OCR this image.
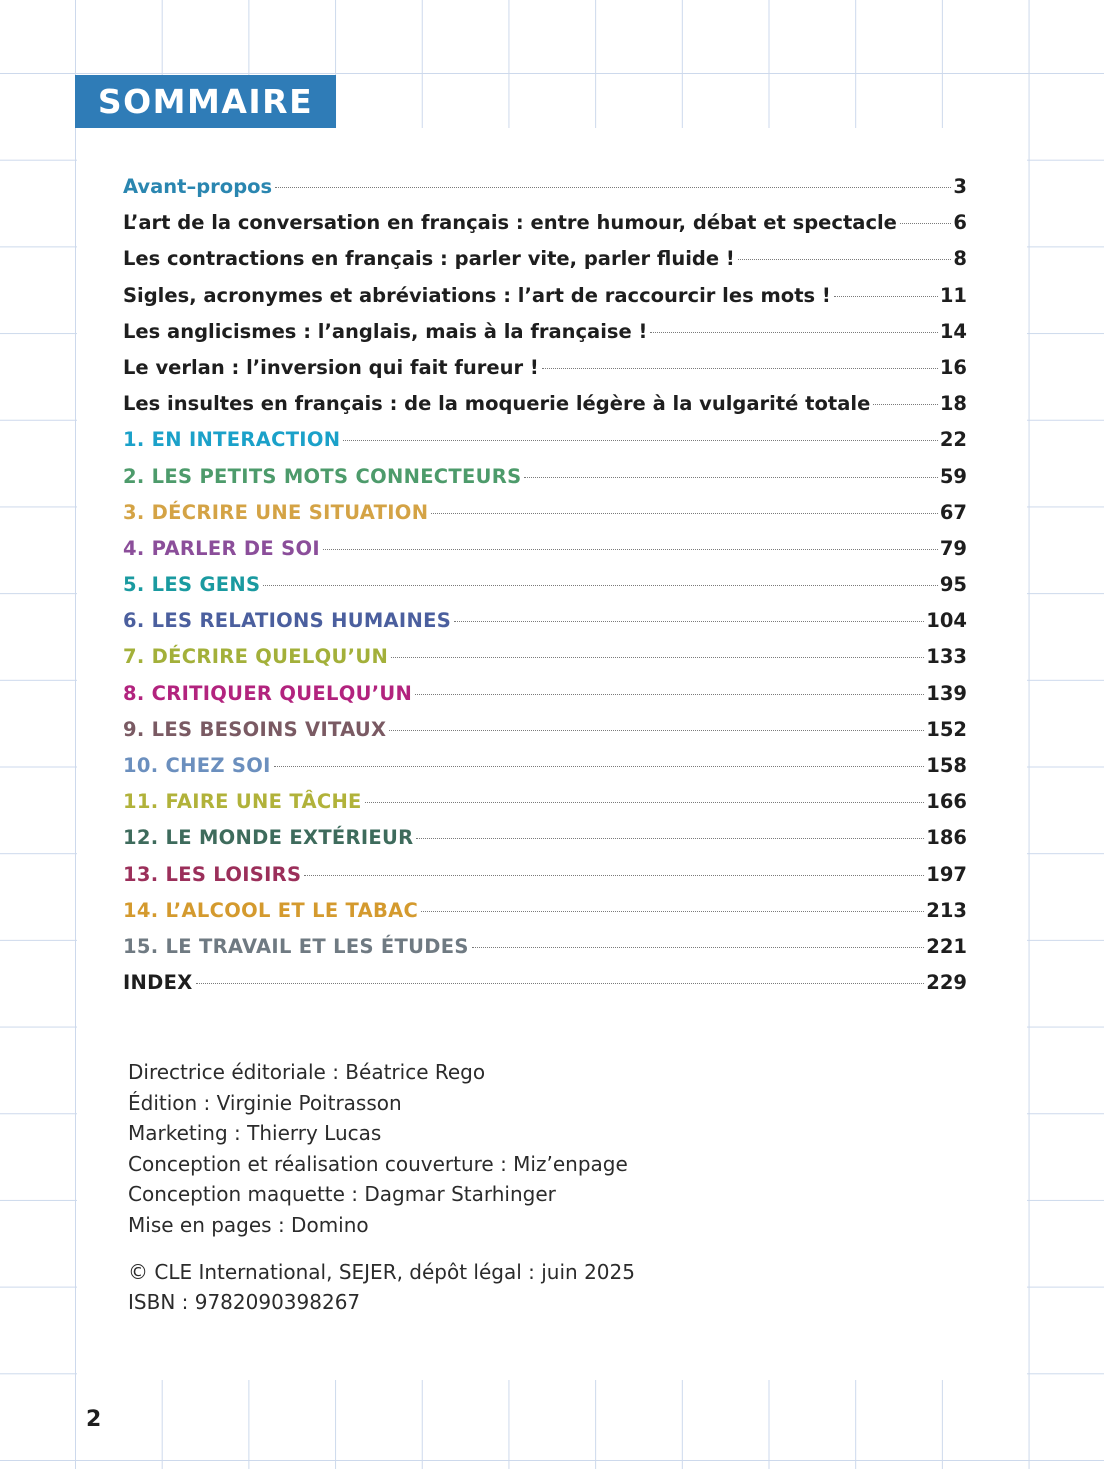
SOMMAIRE
Avant–propos	3
L’art de la conversation en français : entre humour, débat et spectacle	6
Les contractions en français : parler vite, parler fluide !	8
Sigles, acronymes et abréviations : l’art de raccourcir les mots !	11
Les anglicismes : l’anglais, mais à la française !	14
Le verlan : l’inversion qui fait fureur !	16
Les insultes en français : de la moquerie légère à la vulgarité totale	18
1. EN INTERACTION	22
2. LES PETITS MOTS CONNECTEURS	59
3. DÉCRIRE UNE SITUATION	67
4. PARLER DE SOI	79
5. LES GENS	95
6. LES RELATIONS HUMAINES	104
7. DÉCRIRE QUELQU’UN	133
8. CRITIQUER QUELQU’UN	139
9. LES BESOINS VITAUX	152
10. CHEZ SOI	158
11. FAIRE UNE TÂCHE	166
12. LE MONDE EXTÉRIEUR	186
13. LES LOISIRS	197
14. L’ALCOOL ET LE TABAC	213
15. LE TRAVAIL ET LES ÉTUDES	221
INDEX	229
Directrice éditoriale : Béatrice Rego
Édition : Virginie Poitrasson
Marketing : Thierry Lucas
Conception et réalisation couverture : Miz’enpage
Conception maquette : Dagmar Starhinger
Mise en pages : Domino
© CLE International, SEJER, dépôt légal : juin 2025
ISBN : 9782090398267
2
